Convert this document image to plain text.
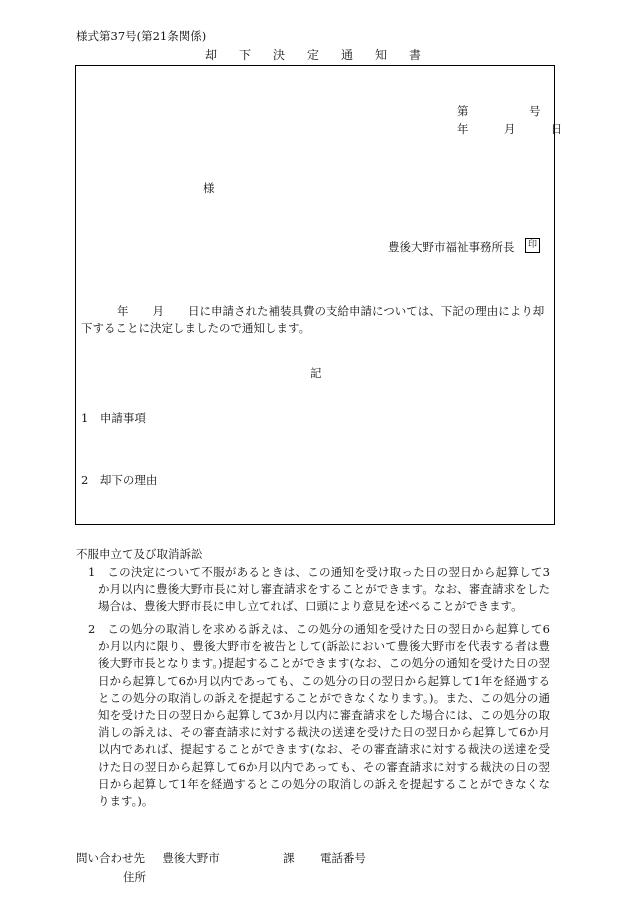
様式第37号(第21条関係)
却下決定通知書
第	号
年	月	日
様
豊後大野市福祉事務所長	印
年 月 日に申請された補装具費の支給申請については、下記の理由により却下することに決定しましたので通知します。
記
1　申請事項
2　却下の理由
不服申立て及び取消訴訟
1　この決定について不服があるときは、この通知を受け取った日の翌日から起算して3か月以内に豊後大野市長に対し審査請求をすることができます。なお、審査請求をした場合は、豊後大野市長に申し立てれば、口頭により意見を述べることができます。
2　この処分の取消しを求める訴えは、この処分の通知を受けた日の翌日から起算して6か月以内に限り、豊後大野市を被告として(訴訟において豊後大野市を代表する者は豊後大野市長となります。)提起することができます(なお、この処分の通知を受けた日の翌日から起算して6か月以内であっても、この処分の日の翌日から起算して1年を経過するとこの処分の取消しの訴えを提起することができなくなります。)。また、この処分の通知を受けた日の翌日から起算して3か月以内に審査請求をした場合には、この処分の取消しの訴えは、その審査請求に対する裁決の送達を受けた日の翌日から起算して6か月以内であれば、提起することができます(なお、その審査請求に対する裁決の送達を受けた日の翌日から起算して6か月以内であっても、その審査請求に対する裁決の日の翌日から起算して1年を経過するとこの処分の取消しの訴えを提起することができなくなります。)。
問い合わせ先 豊後大野市	課 電話番号
住所
